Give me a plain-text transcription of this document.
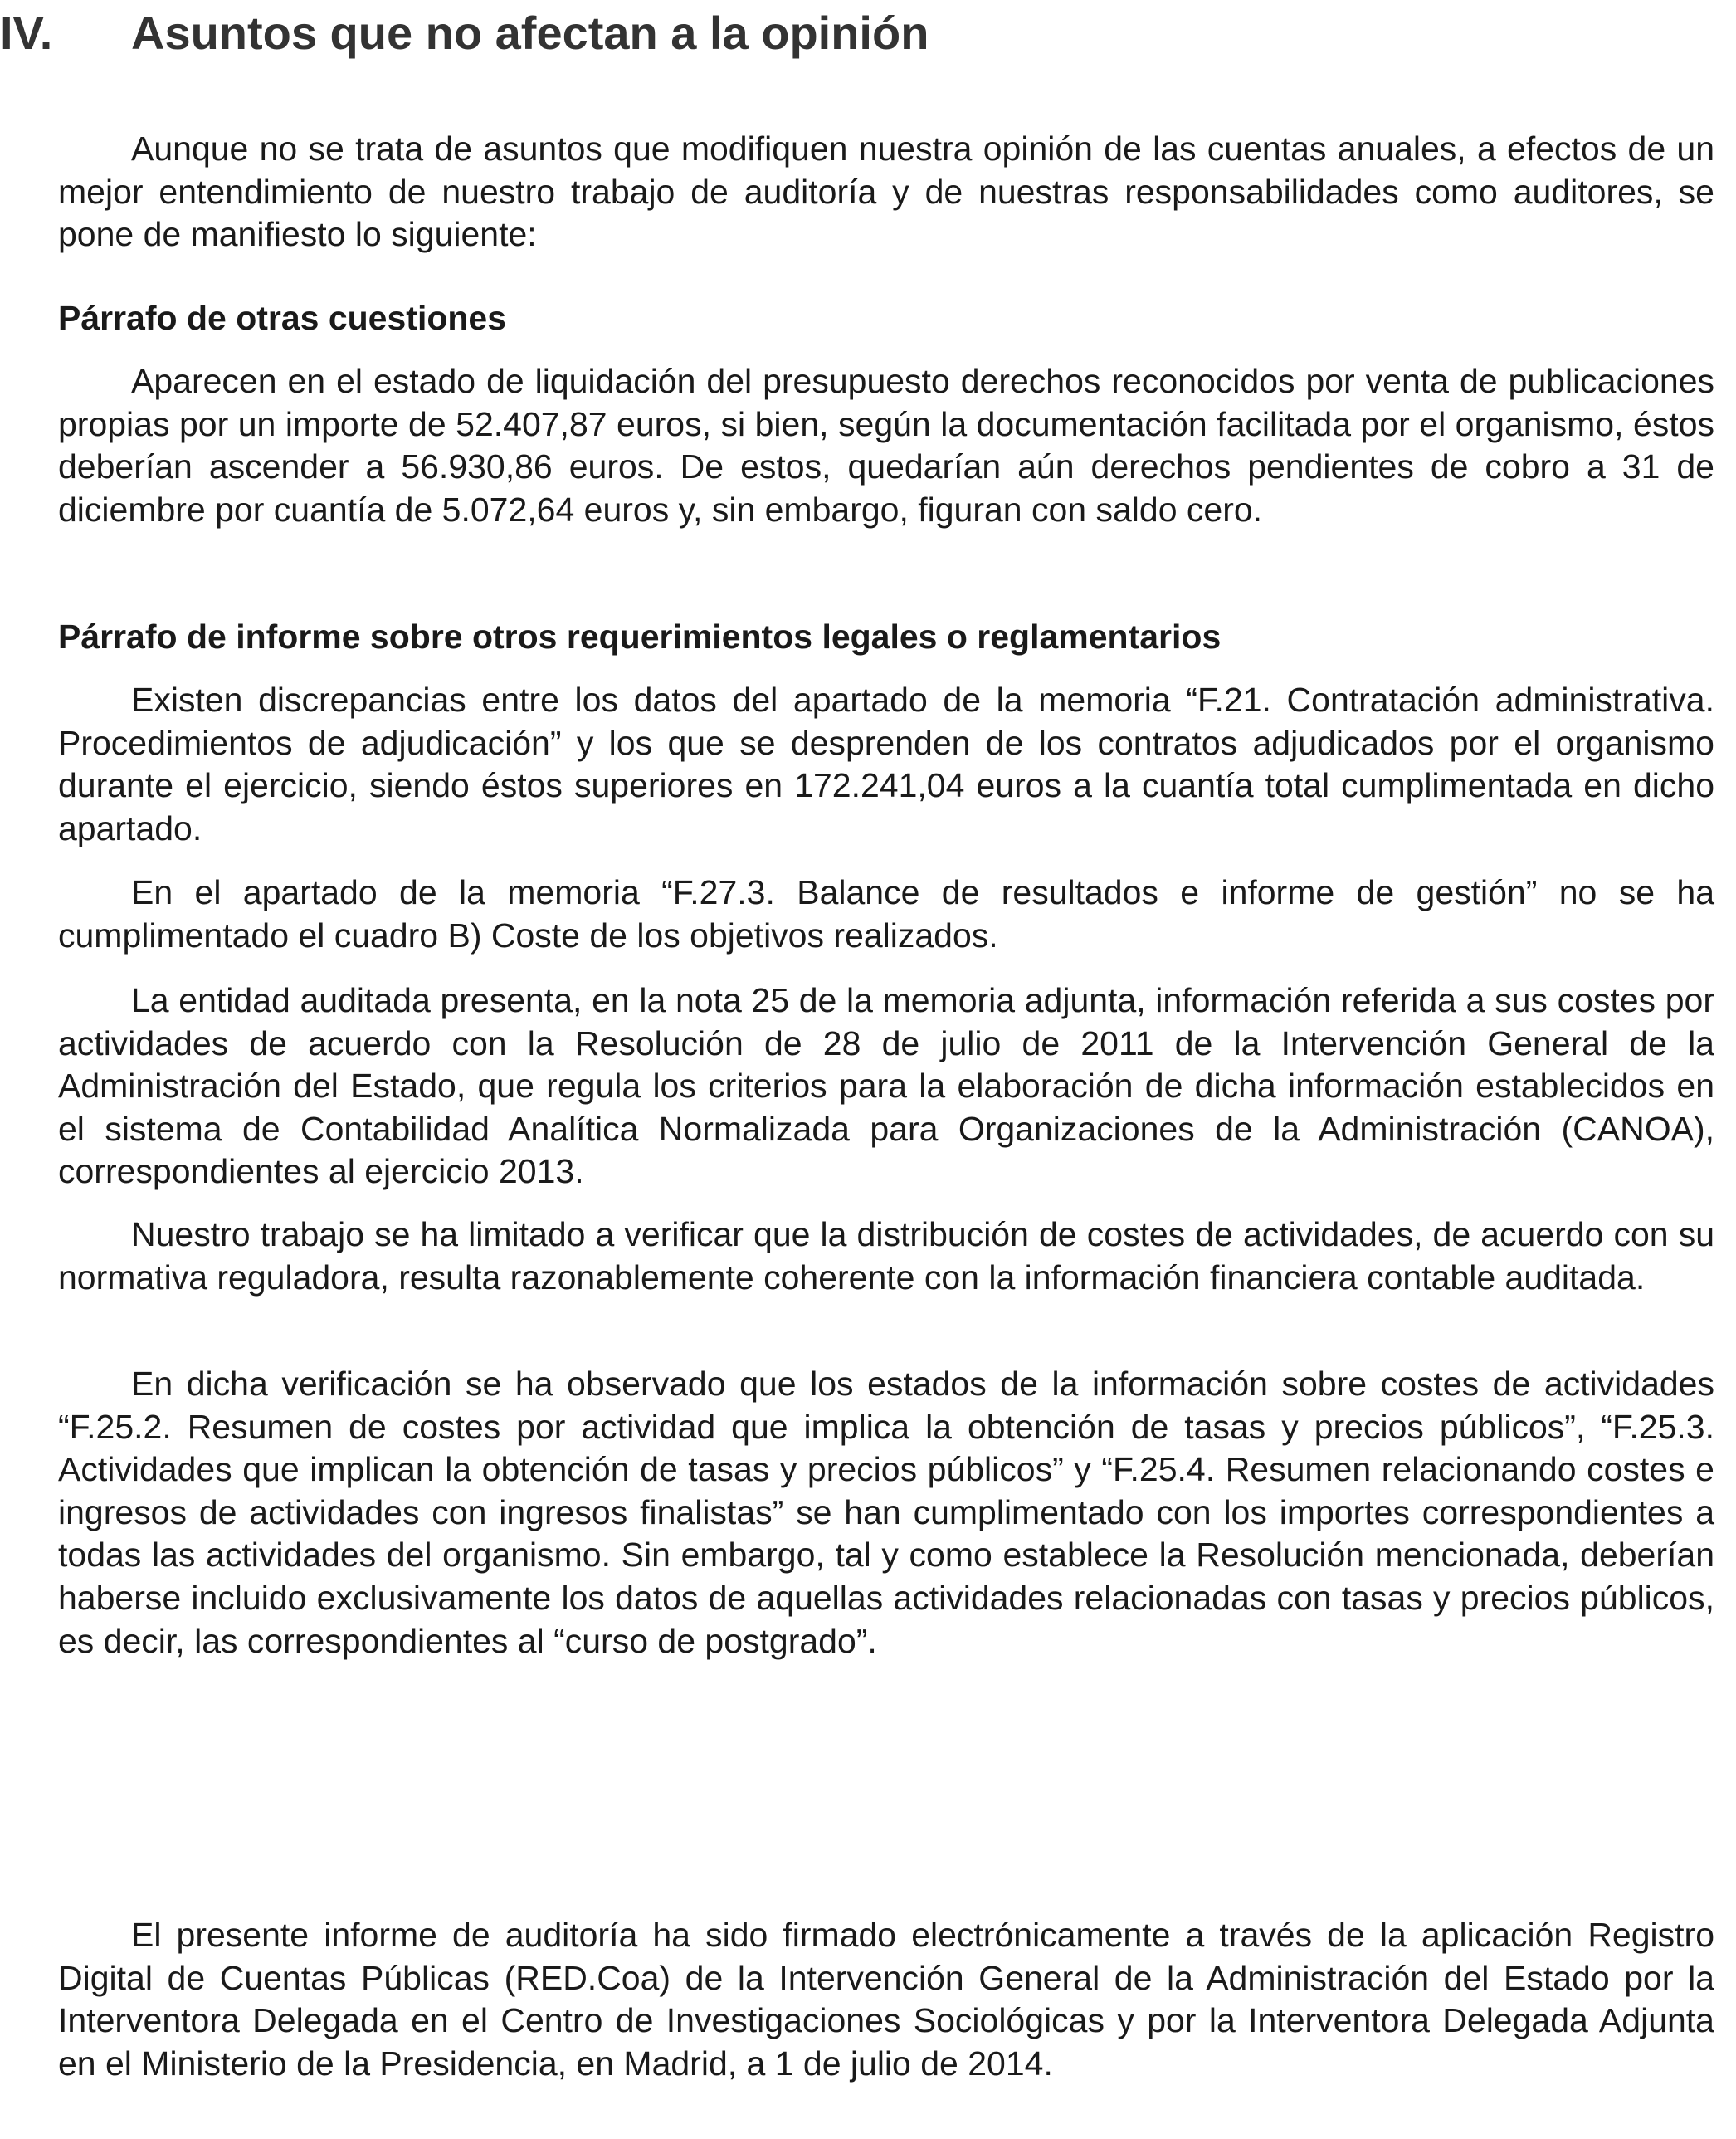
IV. Asuntos que no afectan a la opinión

Aunque no se trata de asuntos que modifiquen nuestra opinión de las cuentas anuales, a efectos de un mejor entendimiento de nuestro trabajo de auditoría y de nuestras responsabilidades como auditores, se pone de manifiesto lo siguiente:

Párrafo de otras cuestiones

Aparecen en el estado de liquidación del presupuesto derechos reconocidos por venta de publicaciones propias por un importe de 52.407,87 euros, si bien, según la documentación facilitada por el organismo, éstos deberían ascender a 56.930,86 euros. De estos, quedarían aún derechos pendientes de cobro a 31 de diciembre por cuantía de 5.072,64 euros y, sin embargo, figuran con saldo cero.

Párrafo de informe sobre otros requerimientos legales o reglamentarios

Existen discrepancias entre los datos del apartado de la memoria “F.21. Contratación administrativa. Procedimientos de adjudicación” y los que se desprenden de los contratos adjudicados por el organismo durante el ejercicio, siendo éstos superiores en 172.241,04 euros a la cuantía total cumplimentada en dicho apartado.

En el apartado de la memoria “F.27.3. Balance de resultados e informe de gestión” no se ha cumplimentado el cuadro B) Coste de los objetivos realizados.

La entidad auditada presenta, en la nota 25 de la memoria adjunta, información referida a sus costes por actividades de acuerdo con la Resolución de 28 de julio de 2011 de la Intervención General de la Administración del Estado, que regula los criterios para la elaboración de dicha información establecidos en el sistema de Contabilidad Analítica Normalizada para Organizaciones de la Administración (CANOA), correspondientes al ejercicio 2013.

Nuestro trabajo se ha limitado a verificar que la distribución de costes de actividades, de acuerdo con su normativa reguladora, resulta razonablemente coherente con la información financiera contable auditada.

En dicha verificación se ha observado que los estados de la información sobre costes de actividades “F.25.2. Resumen de costes por actividad que implica la obtención de tasas y precios públicos”, “F.25.3. Actividades que implican la obtención de tasas y precios públicos” y “F.25.4. Resumen relacionando costes e ingresos de actividades con ingresos finalistas” se han cumplimentado con los importes correspondientes a todas las actividades del organismo. Sin embargo, tal y como establece la Resolución mencionada, deberían haberse incluido exclusivamente los datos de aquellas actividades relacionadas con tasas y precios públicos, es decir, las correspondientes al “curso de postgrado”.

El presente informe de auditoría ha sido firmado electrónicamente a través de la aplicación Registro Digital de Cuentas Públicas (RED.Coa) de la Intervención General de la Administración del Estado por la Interventora Delegada en el Centro de Investigaciones Sociológicas y por la Interventora Delegada Adjunta en el Ministerio de la Presidencia, en Madrid, a 1 de julio de 2014.
